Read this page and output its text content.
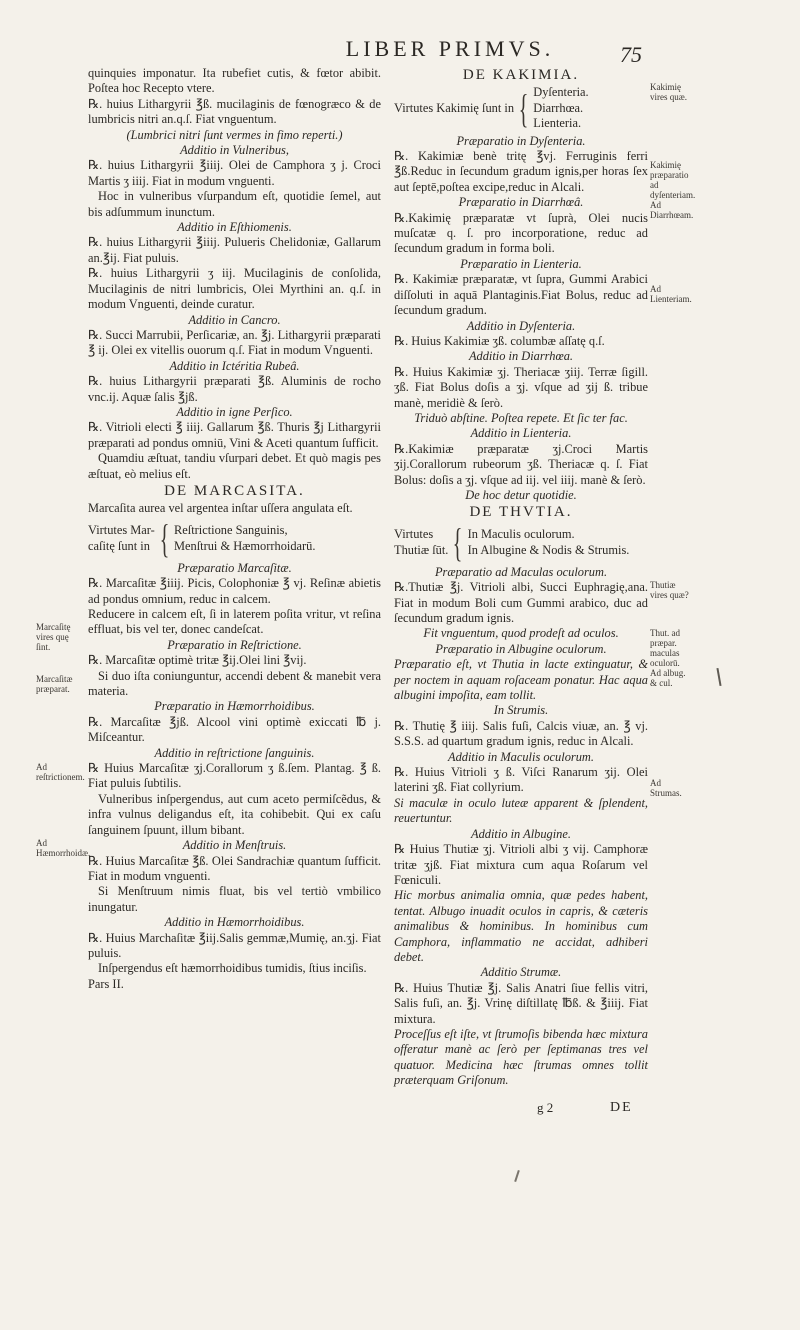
LIBER PRIMVS.	75

quinquies imponatur. Ita rubefiet cutis, & fœtor abibit. Poſtea hoc Recepto vtere.

℞. huius Lithargyrii ℥ß. mucilaginis de fœnogræco & de lumbricis nitri an.q.ſ. Fiat vnguentum.

(Lumbrici nitri ſunt vermes in fimo reperti.)

Additio in Vulneribus,

℞. huius Lithargyrii ℥iiij. Olei de Camphora ʒ j. Croci Martis ʒ iiij. Fiat in modum vnguenti.

Hoc in vulneribus vſurpandum eſt, quotidie ſemel, aut bis adſummum inunctum.

Additio in Eſthiomenis.

℞. huius Lithargyrii ℥iiij. Pulueris Chelidoniæ, Gallarum an.℥ij. Fiat puluis.

℞. huius Lithargyrii ʒ iij. Mucilaginis de conſolida, Mucilaginis de nitri lumbricis, Olei Myrthini an. q.ſ. in modum Vnguenti, deinde curatur.

Additio in Cancro.

℞. Succi Marrubii, Perſicariæ, an. ℥j. Lithargyrii præparati ℥ ij. Olei ex vitellis ouorum q.ſ. Fiat in modum Vnguenti.

Additio in Ictéritia Rubeâ.

℞. huius Lithargyrii præparati ℥ß. Aluminis de rocho vnc.ij. Aquæ ſalis ℥jß.

Additio in igne Perſico.

℞. Vitrioli electi ℥ iiij. Gallarum ℥ß. Thuris ℥j Lithargyrii præparati ad pondus omniū, Vini & Aceti quantum ſufficit.

Quamdiu æſtuat, tandiu vſurpari debet. Et quò magis pes æſtuat, eò melius eſt.

DE MARCASITA.

Marcaſita aurea vel argentea inſtar uſſera angulata eſt.

Virtutes Mar-
caſitę ſunt in { Reſtrictione Sanguinis,
Menſtrui & Hæmorrhoidarū.

Præparatio Marcaſitæ.

℞. Marcaſitæ ℥iiij. Picis, Colophoniæ ℥ vj. Reſinæ abietis ad pondus omnium, reduc in calcem.

Reducere in calcem eſt, ſi in laterem poſita vritur, vt reſina effluat, bis vel ter, donec candeſcat.

Præparatio in Reſtrictione.

℞. Marcaſitæ optimè tritæ ℥ij.Olei lini ℥vij.

Si duo iſta coniunguntur, accendi debent & manebit vera materia.

Præparatio in Hæmorrhoidibus.

℞. Marcaſitæ ℥jß. Alcool vini optimè exiccati ℔ j. Miſceantur.

Additio in reſtrictione ſanguinis.

℞ Huius Marcaſitæ ʒj.Corallorum ʒ ß.ſem. Plantag. ℥ ß. Fiat puluis ſubtilis.

Vulneribus inſpergendus, aut cum aceto permiſcẽdus, & infra vulnus deligandus eſt, ita cohibebit. Qui ex caſu ſanguinem ſpuunt, illum bibant.

Additio in Menſtruis.

℞. Huius Marcaſitæ ℥ß. Olei Sandrachiæ quantum ſufficit. Fiat in modum vnguenti.

Si Menſtruum nimis fluat, bis vel tertiò vmbilico inungatur.

Additio in Hæmorrhoidibus.

℞. Huius Marchaſitæ ℥iij.Salis gemmæ,Mumię, an.ʒj. Fiat puluis.

Inſpergendus eſt hæmorrhoidibus tumidis, ſtius inciſis.

Pars II.

DE KAKIMIA.

Virtutes Kakimię ſunt in { Dyſenteria.
Diarrhœa.
Lienteria.

Præparatio in Dyſenteria.

℞. Kakimiæ benè tritę ℥vj. Ferruginis ferri ℥ß.Reduc in ſecundum gradum ignis,per horas ſex aut ſeptē,poſtea excipe,reduc in Alcali.

Præparatio in Diarrhœâ.

℞.Kakimię præparatæ vt ſuprà, Olei nucis muſcatæ q. ſ. pro incorporatione, reduc ad ſecundum gradum in forma boli.

Præparatio in Lienteria.

℞. Kakimiæ præparatæ, vt ſupra, Gummi Arabici diſſoluti in aquā Plantaginis.Fiat Bolus, reduc ad ſecundum gradum.

Additio in Dyſenteria.

℞. Huius Kakimiæ ʒß. columbæ aſſatę q.ſ.

Additio in Diarrhœa.

℞. Huius Kakimiæ ʒj. Theriacæ ʒiij. Terræ ſigill. ʒß. Fiat Bolus doſis a ʒj. vſque ad ʒij ß. tribue manè, meridiè & ſerò.

Triduò abſtine. Poſtea repete. Et ſic ter fac.

Additio in Lienteria.

℞.Kakimiæ præparatæ ʒj.Croci Martis ʒij.Corallorum rubeorum ʒß. Theriacæ q. ſ. Fiat Bolus: doſis a ʒj. vſque ad iij. vel iiij. manè & ſerò.

De hoc detur quotidie.

DE THVTIA.

Virtutes
Thutiæ ſūt. { In Maculis oculorum.
In Albugine & Nodis & Strumis.

Præparatio ad Maculas oculorum.

℞.Thutiæ ℥j. Vitrioli albi, Succi Euphragię,ana. Fiat in modum Boli cum Gummi arabico, duc ad ſecundum gradum ignis.

Fit vnguentum, quod prodeſt ad oculos.

Præparatio in Albugine oculorum.

Præparatio eſt, vt Thutia in lacte extinguatur, & per noctem in aquam roſaceam ponatur. Hac aqua albugini impoſita, eam tollit.

In Strumis.

℞. Thutię ℥ iiij. Salis fuſi, Calcis viuæ, an. ℥ vj. S.S.S. ad quartum gradum ignis, reduc in Alcali.

Additio in Maculis oculorum.

℞. Huius Vitrioli ʒ ß. Viſci Ranarum ʒij. Olei laterini ʒß. Fiat collyrium.

Si maculæ in oculo luteæ apparent & ſplendent, reuertuntur.

Additio in Albugine.

℞ Huius Thutiæ ʒj. Vitrioli albi ʒ vij. Camphoræ tritæ ʒjß. Fiat mixtura cum aqua Roſarum vel Fœniculi.

Hic morbus animalia omnia, quæ pedes habent, tentat. Albugo inuadit oculos in capris, & cæteris animalibus & hominibus. In hominibus cum Camphora, inflammatio ne accidat, adhiberi debet.

Additio Strumæ.

℞. Huius Thutiæ ℥j. Salis Anatri ſiue fellis vitri, Salis fuſi, an. ℥j. Vrinę diſtillatę ℔ß. & ℥iiij. Fiat mixtura.

Proceſſus eſt iſte, vt ſtrumoſis bibenda hæc mixtura offeratur manè ac ſerò per ſeptimanas tres vel quatuor. Medicina hæc ſtrumas omnes tollit præterquam Griſonum.

Marcaſitę vires quę ſint.
Marcaſitæ præparat.
Ad reſtrictionem.
Ad Hæmorrhoidæ.
Kakimię vires quæ.
Kakimię præparatio ad dyſenteriam. Ad Diarrhœam.
Ad Lienteriam.
Thutiæ vires quæ?
Thut. ad præpar. maculas oculorū. Ad albug. & cul.
Ad Strumas.
g 2	DE
